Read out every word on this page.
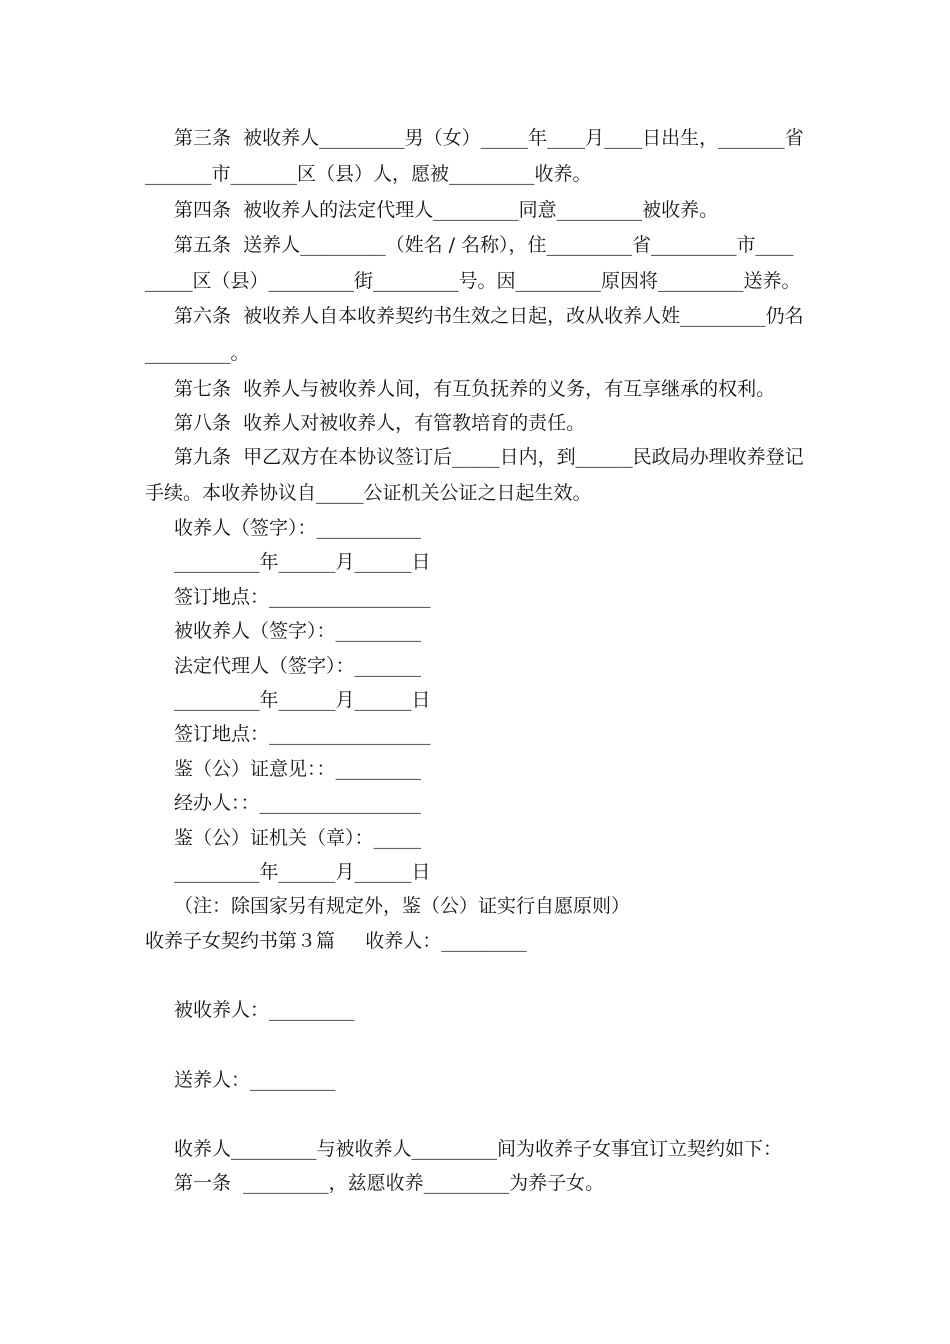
第三条  被收养人_________男（女）_____年____月____日出生，_______省

_______市_______区（县）人，愿被_________收养。

第四条  被收养人的法定代理人_________同意_________被收养。

第五条  送养人_________（姓名 / 名称），住_________省_________市____

_____区（县）_________街_________号。因_________原因将_________送养。

第六条  被收养人自本收养契约书生效之日起，改从收养人姓_________仍名

_________。

第七条  收养人与被收养人间，有互负抚养的义务，有互享继承的权利。

第八条  收养人对被收养人，有管教培育的责任。

第九条  甲乙双方在本协议签订后_____日内，到______民政局办理收养登记

手续。本收养协议自_____公证机关公证之日起生效。

收养人（签字）：___________

_________年______月______日

签订地点：_________________

被收养人（签字）：_________

法定代理人（签字）：_______

_________年______月______日

签订地点：_________________

鉴（公）证意见：：_________

经办人：：_________________

鉴（公）证机关（章）：_____

_________年______月______日

（注：除国家另有规定外，鉴（公）证实行自愿原则）

收养子女契约书第３篇     收养人：_________

被收养人：_________

送养人：_________

收养人_________与被收养人_________间为收养子女事宜订立契约如下：

第一条  _________，兹愿收养_________为养子女。
